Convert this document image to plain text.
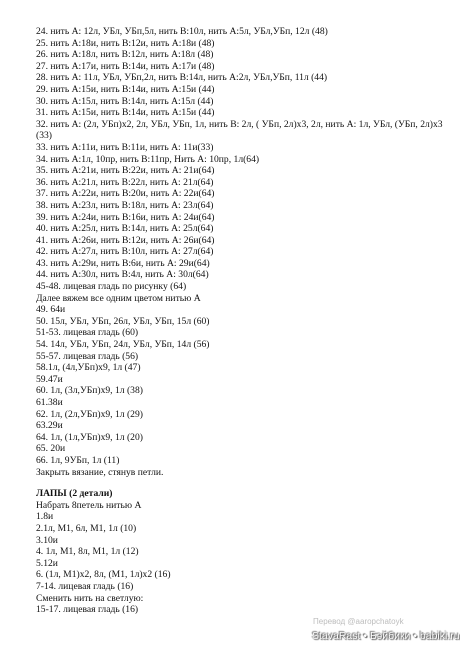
24. нить А: 12л, УБл, УБп,5л, нить В:10л, нить А:5л, УБл,УБп, 12л (48)
25. нить А:18и, нить В:12и, нить А:18и (48)
26. нить А:18л, нить В:12л, нить А:18л (48)
27. нить А:17и, нить В:14и, нить А:17и (48)
28. нить А: 11л, УБл, УБп,2л, нить В:14л, нить А:2л, УБл,УБп, 11л (44)
29. нить А:15и, нить В:14и, нить А:15и (44)
30. нить А:15л, нить В:14л, нить А:15л (44)
31. нить А:15и, нить В:14и, нить А:15и (44)
32. нить А: (2л, УБп)х2, 2л, УБл, УБп, 1л, нить В: 2л, ( УБп, 2л)х3, 2л, нить А: 1л, УБл, (УБп, 2л)х3 (33)
33. нить А:11и, нить В:11и, нить А: 11и(33)
34. нить А:1л, 10пр, нить В:11пр, Нить А: 10пр, 1л(64)
35. нить А:21и, нить В:22и, нить А: 21и(64)
36. нить А:21л, нить В:22л, нить А: 21л(64)
37. нить А:22и, нить В:20и, нить А: 22и(64)
38. нить А:23л, нить В:18л, нить А: 23л(64)
39. нить А:24и, нить В:16и, нить А: 24и(64)
40. нить А:25л, нить В:14л, нить А: 25л(64)
41. нить А:26и, нить В:12и, нить А: 26и(64)
42. нить А:27л, нить В:10л, нить А: 27л(64)
43. нить А:29и, нить В:6и, нить А: 29и(64)
44. нить А:30л, нить В:4л, нить А: 30л(64)
45-48. лицевая гладь по рисунку (64)
Далее вяжем все одним цветом нитью А
49. 64и
50. 15л, УБл, УБп, 26л, УБл, УБп, 15л (60)
51-53. лицевая гладь (60)
54. 14л, УБл, УБп, 24л, УБл, УБп, 14л (56)
55-57. лицевая гладь (56)
58.1л, (4л,УБп)х9, 1л (47)
59.47и
60. 1л, (3л,УБп)х9, 1л (38)
61.38и
62. 1л, (2л,УБп)х9, 1л (29)
63.29и
64. 1л, (1л,УБп)х9, 1л (20)
65. 20и
66. 1л, 9УБп, 1л (11)
Закрыть вязание, стянув петли.
ЛАПЫ (2 детали)
Набрать 8петель нитью А
1.8и
2.1л, М1, 6л, М1, 1л (10)
3.10и
4. 1л, М1, 8л, М1, 1л (12)
5.12и
6. (1л, М1)х2, 8л, (М1, 1л)х2 (16)
7-14. лицевая гладь (16)
Сменить нить на светлую:
15-17. лицевая гладь (16)
Перевод @aaropchatoyk
StavaRast • Бэйбики • babiki.ru
